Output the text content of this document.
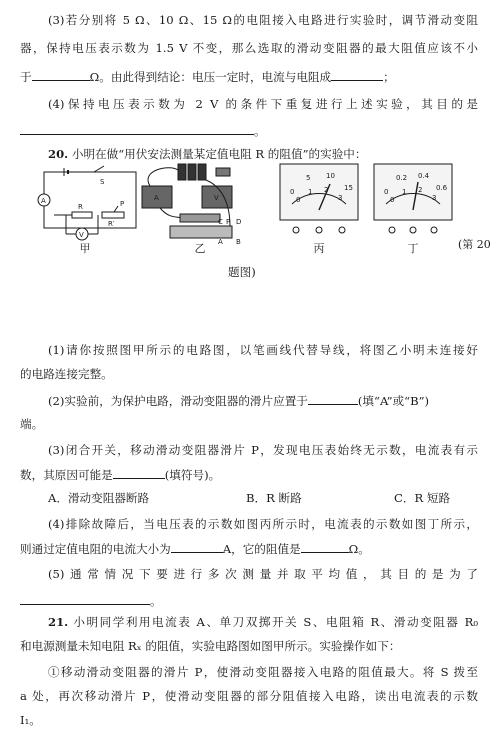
(3)若分别将 5 Ω、10 Ω、15 Ω的电阻接入电路进行实验时，调节滑动变阻
器，保持电压表示数为 1.5 V 不变，那么选取的滑动变阻器的最大阻值应该不小
于	Ω。由此得到结论：电压一定时，电流与电阻成	；
(4)保持电压表示数为 2 V 的条件下重复进行上述实验，其目的是
。
20. 小明在做“用伏安法测量某定值电阻 R 的阻值”的实验中：
S
A
V
R
R′
P
甲
A	V
C P D
A B
乙
0
5 10
15
0
1 2
3
丙
0
0.2 0.4
0.6
0
1 2
3
丁	(第 20
题图)
(1)请你按照图甲所示的电路图，以笔画线代替导线，将图乙小明未连接好
的电路连接完整。
(2)实验前，为保护电路，滑动变阻器的滑片应置于	(填“A”或“B”)
端。
(3)闭合开关，移动滑动变阻器滑片 P，发现电压表始终无示数，电流表有示
数，其原因可能是	(填符号)。
A．滑动变阻器断路	B．R 断路	C．R 短路
(4)排除故障后，当电压表的示数如图丙所示时，电流表的示数如图丁所示，
则通过定值电阻的电流大小为	A，它的阻值是	Ω。
(5)通常情况下要进行多次测量并取平均值，其目的是为了
。
21. 小明同学利用电流表 A、单刀双掷开关 S、电阻箱 R、滑动变阻器 R₀
和电源测量未知电阻 Rₓ 的阻值，实验电路图如图甲所示。实验操作如下：
①移动滑动变阻器的滑片 P，使滑动变阻器接入电路的阻值最大。将 S 拨至
a 处，再次移动滑片 P，使滑动变阻器的部分阻值接入电路，读出电流表的示数
I₁。
